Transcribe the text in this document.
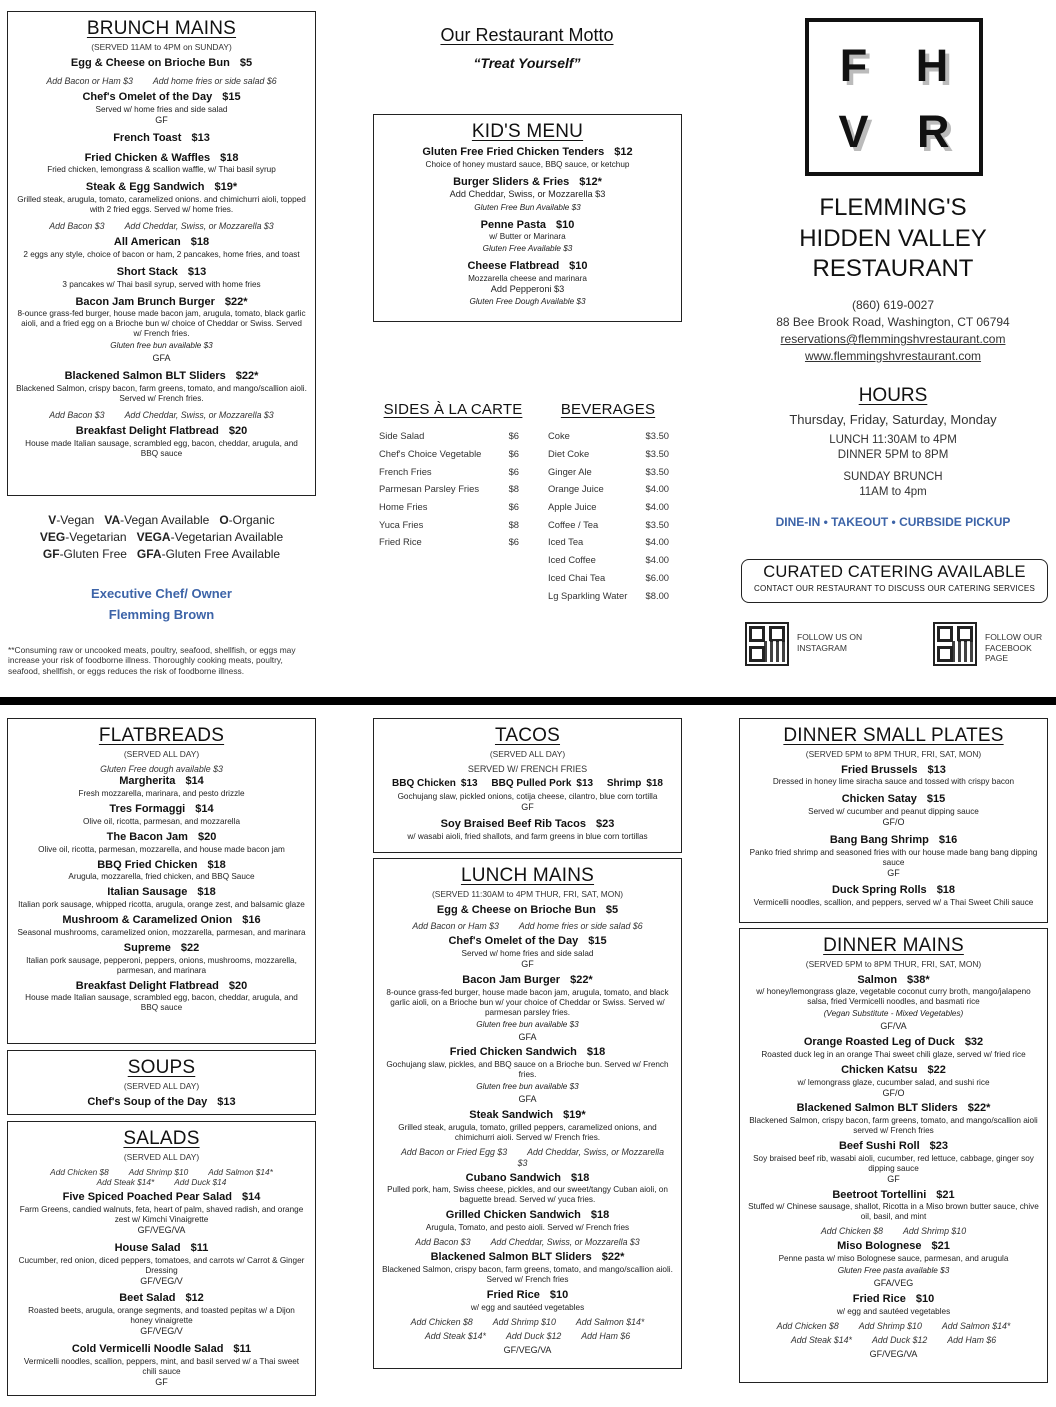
BRUNCH MAINS
(SERVED 11AM to 4PM on SUNDAY)
Egg & Cheese on Brioche Bun $5
Add Bacon or Ham $3 Add home fries or side salad $6
Chef's Omelet of the Day $15
Served w/ home fries and side salad
GF
French Toast $13
Fried Chicken & Waffles $18
Fried chicken, lemongrass & scallion waffle, w/ Thai basil syrup
Steak & Egg Sandwich $19*
Grilled steak, arugula, tomato, caramelized onions. and chimichurri aioli, topped with 2 fried eggs. Served w/ home fries.
Add Bacon $3 Add Cheddar, Swiss, or Mozzarella $3
All American $18
2 eggs any style, choice of bacon or ham, 2 pancakes, home fries, and toast
Short Stack $13
3 pancakes w/ Thai basil syrup, served with home fries
Bacon Jam Brunch Burger $22*
8-ounce grass-fed burger, house made bacon jam, arugula, tomato, black garlic aioli, and a fried egg on a Brioche bun w/ choice of Cheddar or Swiss. Served w/ French fries.
Gluten free bun available $3
GFA
Blackened Salmon BLT Sliders $22*
Blackened Salmon, crispy bacon, farm greens, tomato, and mango/scallion aioli. Served w/ French fries.
Add Bacon $3 Add Cheddar, Swiss, or Mozzarella $3
Breakfast Delight Flatbread $20
House made Italian sausage, scrambled egg, bacon, cheddar, arugula, and BBQ sauce
V-Vegan VA-Vegan Available O-Organic
VEG-Vegetarian VEGA-Vegetarian Available
GF-Gluten Free GFA-Gluten Free Available
Executive Chef/ Owner
Flemming Brown
**Consuming raw or uncooked meats, poultry, seafood, shellfish, or eggs may increase your risk of foodborne illness. Thoroughly cooking meats, poultry, seafood, shellfish, or eggs reduces the risk of foodborne illness.
Our Restaurant Motto
“Treat Yourself”
KID'S MENU
Gluten Free Fried Chicken Tenders $12
Choice of honey mustard sauce, BBQ sauce, or ketchup
Burger Sliders & Fries $12*
Add Cheddar, Swiss, or Mozzarella $3
Gluten Free Bun Available $3
Penne Pasta $10
w/ Butter or Marinara
Gluten Free Available $3
Cheese Flatbread $10
Mozzarella cheese and marinara
Add Pepperoni $3
Gluten Free Dough Available $3
SIDES À LA CARTE
Side Salad	$6
Chef's Choice Vegetable	$6
French Fries	$6
Parmesan Parsley Fries	$8
Home Fries	$6
Yuca Fries	$8
Fried Rice	$6
BEVERAGES
Coke	$3.50
Diet Coke	$3.50
Ginger Ale	$3.50
Orange Juice	$4.00
Apple Juice	$4.00
Coffee / Tea	$3.50
Iced Tea	$4.00
Iced Coffee	$4.00
Iced Chai Tea	$6.00
Lg Sparkling Water $8.00
F H
V R
FLEMMING'S
HIDDEN VALLEY
RESTAURANT
(860) 619-0027
88 Bee Brook Road, Washington, CT 06794
reservations@flemmingshvrestaurant.com
www.flemmingshvrestaurant.com
HOURS
Thursday, Friday, Saturday, Monday
LUNCH 11:30AM to 4PM
DINNER 5PM to 8PM
SUNDAY BRUNCH
11AM to 4pm
DINE-IN • TAKEOUT • CURBSIDE PICKUP
CURATED CATERING AVAILABLE
CONTACT OUR RESTAURANT TO DISCUSS OUR CATERING SERVICES
FOLLOW US ON
INSTAGRAM
FOLLOW OUR
FACEBOOK
PAGE
FLATBREADS
(SERVED ALL DAY)
Gluten Free dough available $3
Margherita $14
Fresh mozzarella, marinara, and pesto drizzle
Tres Formaggi $14
Olive oil, ricotta, parmesan, and mozzarella
The Bacon Jam $20
Olive oil, ricotta, parmesan, mozzarella, and house made bacon jam
BBQ Fried Chicken $18
Arugula, mozzarella, fried chicken, and BBQ Sauce
Italian Sausage $18
Italian pork sausage, whipped ricotta, arugula, orange zest, and balsamic glaze
Mushroom & Caramelized Onion $16
Seasonal mushrooms, caramelized onion, mozzarella, parmesan, and marinara
Supreme $22
Italian pork sausage, pepperoni, peppers, onions, mushrooms, mozzarella, parmesan, and marinara
Breakfast Delight Flatbread $20
House made Italian sausage, scrambled egg, bacon, cheddar, arugula, and BBQ sauce
SOUPS
(SERVED ALL DAY)
Chef's Soup of the Day $13
SALADS
(SERVED ALL DAY)
Add Chicken $8 Add Shrimp $10 Add Salmon $14*
Add Steak $14* Add Duck $14
Five Spiced Poached Pear Salad $14
Farm Greens, candied walnuts, feta, heart of palm, shaved radish, and orange zest w/ Kimchi Vinaigrette
GF/VEG/VA
House Salad $11
Cucumber, red onion, diced peppers, tomatoes, and carrots w/ Carrot & Ginger Dressing
GF/VEG/V
Beet Salad $12
Roasted beets, arugula, orange segments, and toasted pepitas w/ a Dijon honey vinaigrette
GF/VEG/V
Cold Vermicelli Noodle Salad $11
Vermicelli noodles, scallion, peppers, mint, and basil served w/ a Thai sweet chili sauce
GF
TACOS
(SERVED ALL DAY)
SERVED W/ FRENCH FRIES
BBQ Chicken $13 BBQ Pulled Pork $13 Shrimp $18
Gochujang slaw, pickled onions, cotija cheese, cilantro, blue corn tortilla
GF
Soy Braised Beef Rib Tacos $23
w/ wasabi aioli, fried shallots, and farm greens in blue corn tortillas
LUNCH MAINS
(SERVED 11:30AM to 4PM THUR, FRI, SAT, MON)
Egg & Cheese on Brioche Bun $5
Add Bacon or Ham $3 Add home fries or side salad $6
Chef's Omelet of the Day $15
Served w/ home fries and side salad
GF
Bacon Jam Burger $22*
8-ounce grass-fed burger, house made bacon jam, arugula, tomato, and black garlic aioli, on a Brioche bun w/ your choice of Cheddar or Swiss. Served w/ parmesan parsley fries.
Gluten free bun available $3
GFA
Fried Chicken Sandwich $18
Gochujang slaw, pickles, and BBQ sauce on a Brioche bun. Served w/ French fries.
Gluten free bun available $3
GFA
Steak Sandwich $19*
Grilled steak, arugula, tomato, grilled peppers, caramelized onions, and chimichurri aioli. Served w/ French fries.
Add Bacon or Fried Egg $3 Add Cheddar, Swiss, or Mozzarella $3
Cubano Sandwich $18
Pulled pork, ham, Swiss cheese, pickles, and our sweet/tangy Cuban aioli, on baguette bread. Served w/ yuca fries.
Grilled Chicken Sandwich $18
Arugula, Tomato, and pesto aioli. Served w/ French fries
Add Bacon $3 Add Cheddar, Swiss, or Mozzarella $3
Blackened Salmon BLT Sliders $22*
Blackened Salmon, crispy bacon, farm greens, tomato, and mango/scallion aioli. Served w/ French fries
Fried Rice $10
w/ egg and sautéed vegetables
Add Chicken $8 Add Shrimp $10 Add Salmon $14*
Add Steak $14* Add Duck $12 Add Ham $6
GF/VEG/VA
DINNER SMALL PLATES
(SERVED 5PM to 8PM THUR, FRI, SAT, MON)
Fried Brussels $13
Dressed in honey lime siracha sauce and tossed with crispy bacon
Chicken Satay $15
Served w/ cucumber and peanut dipping sauce
GF/O
Bang Bang Shrimp $16
Panko fried shrimp and seasoned fries with our house made bang bang dipping sauce
GF
Duck Spring Rolls $18
Vermicelli noodles, scallion, and peppers, served w/ a Thai Sweet Chili sauce
DINNER MAINS
(SERVED 5PM to 8PM THUR, FRI, SAT, MON)
Salmon $38*
w/ honey/lemongrass glaze, vegetable coconut curry broth, mango/jalapeno salsa, fried Vermicelli noodles, and basmati rice
(Vegan Substitute - Mixed Vegetables)
GF/VA
Orange Roasted Leg of Duck $32
Roasted duck leg in an orange Thai sweet chili glaze, served w/ fried rice
Chicken Katsu $22
w/ lemongrass glaze, cucumber salad, and sushi rice
GF/O
Blackened Salmon BLT Sliders $22*
Blackened Salmon, crispy bacon, farm greens, tomato, and mango/scallion aioli served w/ French fries
Beef Sushi Roll $23
Soy braised beef rib, wasabi aioli, cucumber, red lettuce, cabbage, ginger soy dipping sauce
GF
Beetroot Tortellini $21
Stuffed w/ Chinese sausage, shallot, Ricotta in a Miso brown butter sauce, chive oil, basil, and mint
Add Chicken $8 Add Shrimp $10
Miso Bolognese $21
Penne pasta w/ miso Bolognese sauce, parmesan, and arugula
Gluten Free pasta available $3
GFA/VEG
Fried Rice $10
w/ egg and sautéed vegetables
Add Chicken $8 Add Shrimp $10 Add Salmon $14*
Add Steak $14* Add Duck $12 Add Ham $6
GF/VEG/VA
